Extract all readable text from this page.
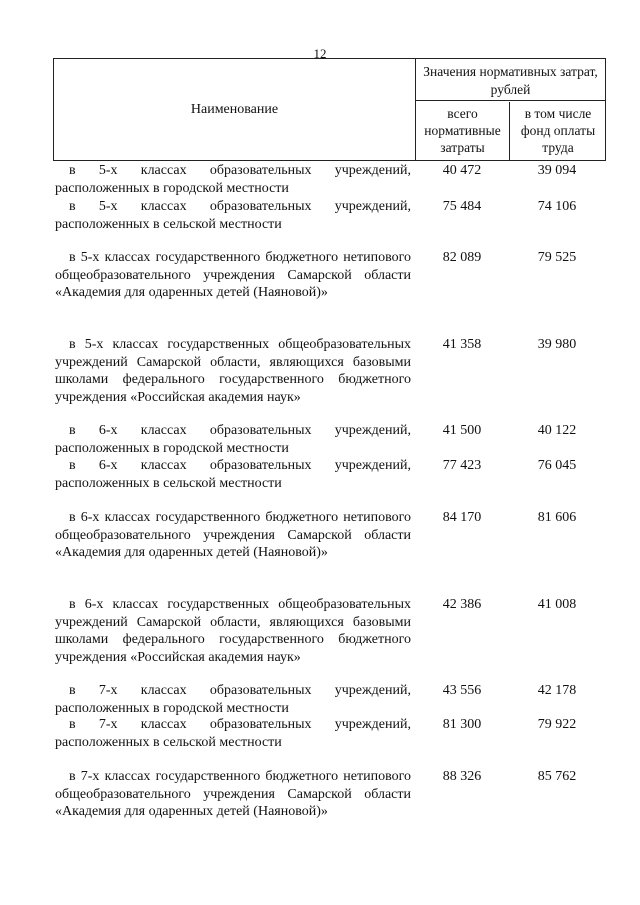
12
Наименование
Значения нормативных затрат, рублей
всего нормативные затраты
в том числе фонд оплаты труда
в 5-х классах образовательных учреждений, расположенных в городской местности
40 472	39 094
в 5-х классах образовательных учреждений, расположенных в сельской местности
75 484	74 106
в 5-х классах государственного бюджетного нетипового общеобразовательного учреждения Самарской области «Академия для одаренных детей (Наяновой)»
82 089	79 525
в 5-х классах государственных общеобразовательных учреждений Самарской области, являющихся базовыми школами федерального государственного бюджетного учреждения «Российская академия наук»
41 358	39 980
в 6-х классах образовательных учреждений, расположенных в городской местности
41 500	40 122
в 6-х классах образовательных учреждений, расположенных в сельской местности
77 423	76 045
в 6-х классах государственного бюджетного нетипового общеобразовательного учреждения Самарской области «Академия для одаренных детей (Наяновой)»
84 170	81 606
в 6-х классах государственных общеобразовательных учреждений Самарской области, являющихся базовыми школами федерального государственного бюджетного учреждения «Российская академия наук»
42 386	41 008
в 7-х классах образовательных учреждений, расположенных в городской местности
43 556	42 178
в 7-х классах образовательных учреждений, расположенных в сельской местности
81 300	79 922
в 7-х классах государственного бюджетного нетипового общеобразовательного учреждения Самарской области «Академия для одаренных детей (Наяновой)»
88 326	85 762
